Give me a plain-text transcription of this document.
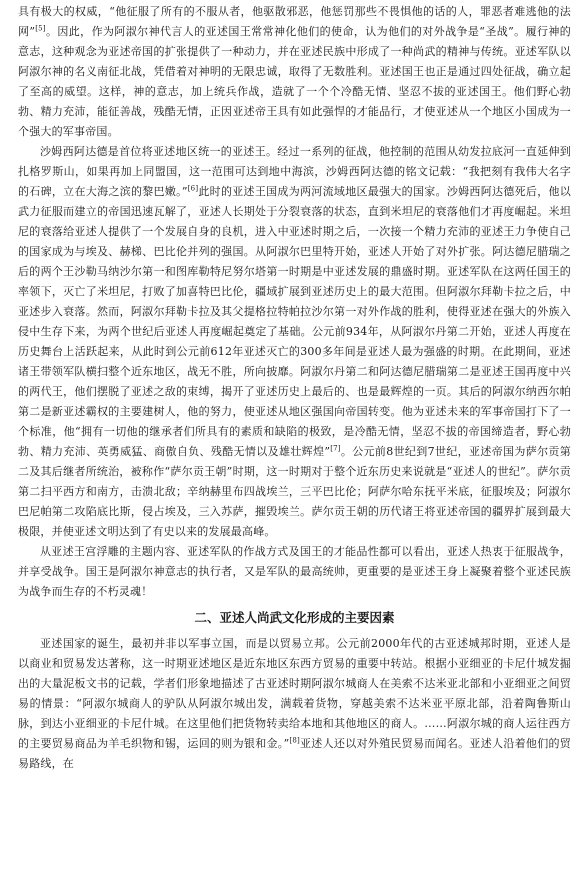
具有极大的权威，“他征服了所有的不服从者，他驱散邪恶，他惩罚那些不畏惧他的话的人，罪恶者难逃他的法网”[5]。因此，作为阿淑尔神代言人的亚述国王常常神化他们的使命，认为他们的对外战争是“圣战”。履行神的意志，这种观念为亚述帝国的扩张提供了一种动力，并在亚述民族中形成了一种尚武的精神与传统。亚述军队以阿淑尔神的名义南征北战，凭借着对神明的无限忠诚，取得了无数胜利。亚述国王也正是通过四处征战，确立起了至高的威望。这样，神的意志，加上统兵作战，造就了一个个冷酷无情、坚忍不拔的亚述国王。他们野心勃勃、精力充沛，能征善战，残酷无情，正因亚述帝王具有如此强悍的才能品行，才使亚述从一个地区小国成为一个强大的军事帝国。

沙姆西阿达德是首位将亚述地区统一的亚述王。经过一系列的征战，他控制的范围从幼发拉底河一直延伸到扎格罗斯山，如果再加上同盟国，这一范围可达到地中海滨，沙姆西阿达德的铭文记载：“我把刻有我伟大名字的石碑，立在大海之滨的黎巴嫩。”[6]此时的亚述王国成为两河流域地区最强大的国家。沙姆西阿达德死后，他以武力征服而建立的帝国迅速瓦解了，亚述人长期处于分裂衰落的状态，直到米坦尼的衰落他们才再度崛起。米坦尼的衰落给亚述人提供了一个发展自身的良机，进入中亚述时期之后，一次接一个精力充沛的亚述王力争使自己的国家成为与埃及、赫梯、巴比伦并列的强国。从阿淑尔巴里特开始，亚述人开始了对外扩张。阿达德尼腊瑞之后的两个王沙勒马纳沙尔第一和图库勒特尼努尔塔第一时期是中亚述发展的鼎盛时期。亚述军队在这两任国王的率领下，灭亡了米坦尼，打败了加喜特巴比伦，疆域扩展到亚述历史上的最大范围。但阿淑尔拜勒卡拉之后，中亚述步入衰落。然而，阿淑尔拜勒卡拉及其父提格拉特帕拉沙尔第一对外作战的胜利，使得亚述在强大的外族入侵中生存下来，为两个世纪后亚述人再度崛起奠定了基础。公元前934年，从阿淑尔丹第二开始，亚述人再度在历史舞台上活跃起来，从此时到公元前612年亚述灭亡的300多年间是亚述人最为强盛的时期。在此期间，亚述诸王带领军队横扫整个近东地区，战无不胜，所向披靡。阿淑尔丹第二和阿达德尼腊瑞第二是亚述王国再度中兴的两代王，他们摆脱了亚述之敌的束缚，揭开了亚述历史上最后的、也是最辉煌的一页。其后的阿淑尔纳西尔帕第二是新亚述霸权的主要建树人，他的努力，使亚述从地区强国向帝国转变。他为亚述未来的军事帝国打下了一个标准，他“拥有一切他的继承者们所具有的素质和缺陷的极致，是冷酷无情，坚忍不拔的帝国缔造者，野心勃勃、精力充沛、英勇威猛、商傲自负、残酷无情以及雄壮辉煌”[7]。公元前8世纪到7世纪，亚述帝国为萨尔贡第二及其后继者所统治，被称作“萨尔贡王朝”时期，这一时期对于整个近东历史来说就是“亚述人的世纪”。萨尔贡第二扫平西方和南方，击溃北敌；辛纳赫里布四战埃兰，三平巴比伦；阿萨尔哈东抚平米底，征服埃及；阿淑尔巴尼帕第二攻陷底比斯，侵占埃及，三入苏萨，摧毁埃兰。萨尔贡王朝的历代诸王将亚述帝国的疆界扩展到最大极限，并使亚述文明达到了有史以来的发展最高峰。

从亚述王宫浮雕的主题内容、亚述军队的作战方式及国王的才能品性都可以看出，亚述人热衷于征服战争，并享受战争。国王是阿淑尔神意志的执行者，又是军队的最高统帅，更重要的是亚述王身上凝聚着整个亚述民族为战争而生存的不朽灵魂！

二、亚述人尚武文化形成的主要因素

亚述国家的诞生，最初并非以军事立国，而是以贸易立邦。公元前2000年代的古亚述城邦时期，亚述人是以商业和贸易发达著称，这一时期亚述地区是近东地区东西方贸易的重要中转站。根据小亚细亚的卡尼什城发掘出的大量泥板文书的记载，学者们形象地描述了古亚述时期阿淑尔城商人在美索不达米亚北部和小亚细亚之间贸易的情景：“阿淑尔城商人的驴队从阿淑尔城出发，满载着货物，穿越美索不达米亚平原北部，沿着陶鲁斯山脉，到达小亚细亚的卡尼什城。在这里他们把货物转卖给本地和其他地区的商人。……阿淑尔城的商人运往西方的主要贸易商品为羊毛织物和锡，运回的则为银和金。”[8]亚述人还以对外殖民贸易而闻名。亚述人沿着他们的贸易路线，在
